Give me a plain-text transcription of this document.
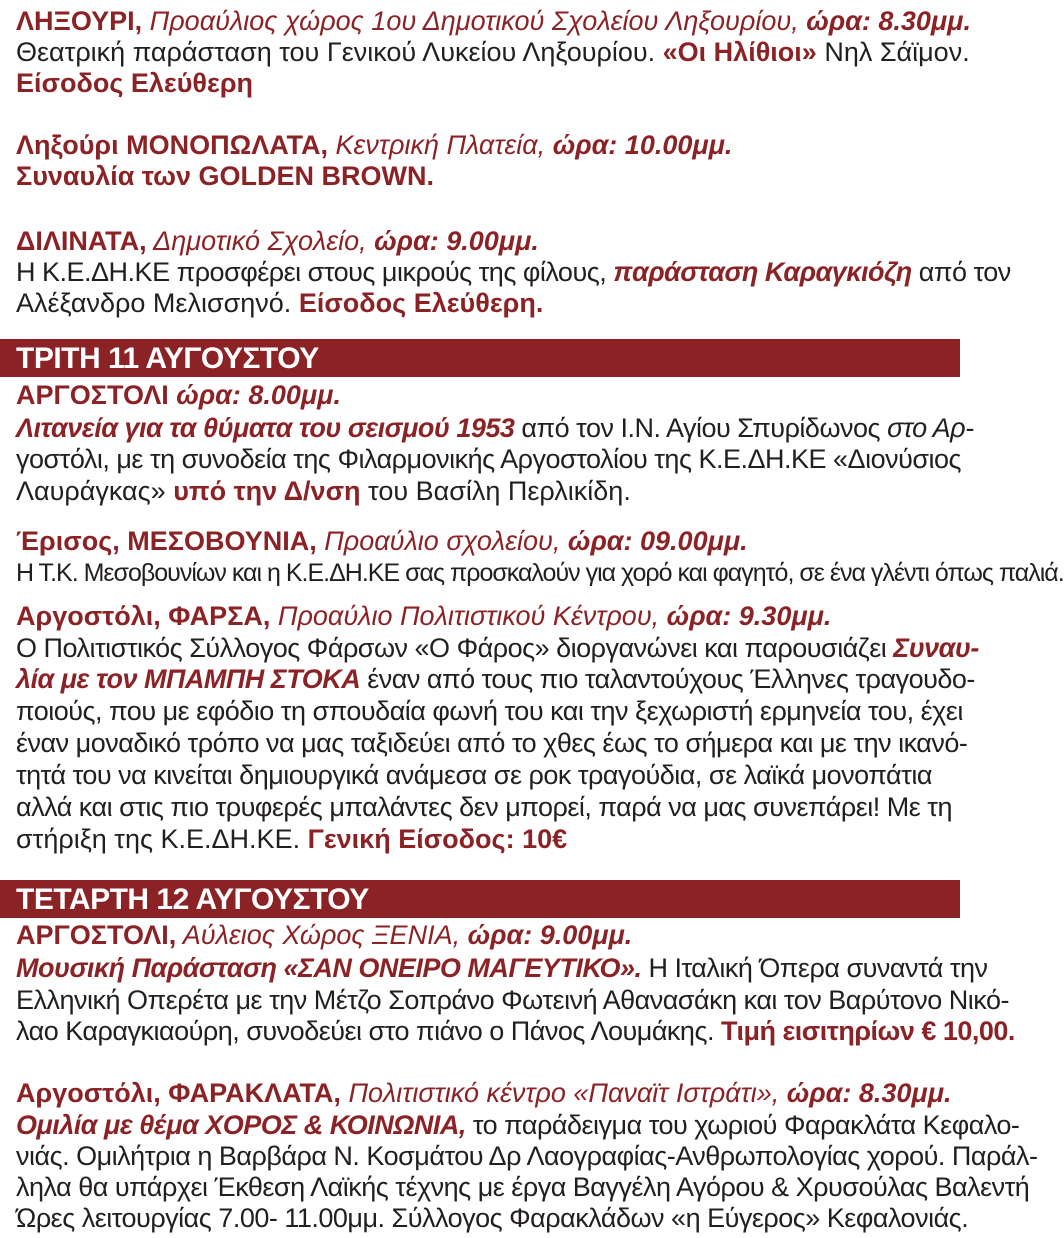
ΛΗΞΟΥΡΙ, Προαύλιος χώρος 1ου Δημοτικού Σχολείου Ληξουρίου, ώρα: 8.30μμ.
Θεατρική παράσταση του Γενικού Λυκείου Ληξουρίου. «Οι Ηλίθιοι» Νηλ Σάϊμον.
Είσοδος Ελεύθερη
Ληξούρι ΜΟΝΟΠΩΛΑΤΑ, Κεντρική Πλατεία, ώρα: 10.00μμ.
Συναυλία των GOLDEN BROWN.
ΔΙΛΙΝΑΤΑ, Δημοτικό Σχολείο, ώρα: 9.00μμ.
Η Κ.Ε.ΔΗ.ΚΕ προσφέρει στους μικρούς της φίλους, παράσταση Καραγκιόζη από τον
Αλέξανδρο Μελισσηνό. Είσοδος Ελεύθερη.
ΤΡΙΤΗ 11 ΑΥΓΟΥΣΤΟΥ
ΑΡΓΟΣΤΟΛΙ ώρα: 8.00μμ.
Λιτανεία για τα θύματα του σεισμού 1953 από τον Ι.Ν. Αγίου Σπυρίδωνος στο Αρ-
γοστόλι, με τη συνοδεία της Φιλαρμονικής Αργοστολίου της Κ.Ε.ΔΗ.ΚΕ «Διονύσιος
Λαυράγκας» υπό την Δ/νση του Βασίλη Περλικίδη.
Έρισος, ΜΕΣΟΒΟΥΝΙΑ, Προαύλιο σχολείου, ώρα: 09.00μμ.
Η Τ.Κ. Μεσοβουνίων και η Κ.Ε.ΔΗ.ΚΕ σας προσκαλούν για χορό και φαγητό, σε ένα γλέντι όπως παλιά.
Αργοστόλι, ΦΑΡΣΑ, Προαύλιο Πολιτιστικού Κέντρου, ώρα: 9.30μμ.
Ο Πολιτιστικός Σύλλογος Φάρσων «Ο Φάρος» διοργανώνει και παρουσιάζει Συναυ-
λία με τον ΜΠΑΜΠΗ ΣΤΟΚΑ έναν από τους πιο ταλαντούχους Έλληνες τραγουδο-
ποιούς, που με εφόδιο τη σπουδαία φωνή του και την ξεχωριστή ερμηνεία του, έχει
έναν μοναδικό τρόπο να μας ταξιδεύει από το χθες έως το σήμερα και με την ικανό-
τητά του να κινείται δημιουργικά ανάμεσα σε ροκ τραγούδια, σε λαϊκά μονοπάτια
αλλά και στις πιο τρυφερές μπαλάντες δεν μπορεί, παρά να μας συνεπάρει! Με τη
στήριξη της Κ.Ε.ΔΗ.ΚΕ. Γενική Είσοδος: 10€
ΤΕΤΑΡΤΗ 12 ΑΥΓΟΥΣΤΟΥ
ΑΡΓΟΣΤΟΛΙ, Αύλειος Χώρος ΞΕΝΙΑ, ώρα: 9.00μμ.
Μουσική Παράσταση «ΣΑΝ ΟΝΕΙΡΟ ΜΑΓΕΥΤΙΚΟ». Η Ιταλική Όπερα συναντά την
Ελληνική Οπερέτα με την Μέτζο Σοπράνο Φωτεινή Αθανασάκη και τον Βαρύτονο Νικό-
λαο Καραγκιαούρη, συνοδεύει στο πιάνο ο Πάνος Λουμάκης. Τιμή εισιτηρίων € 10,00.
Αργοστόλι, ΦΑΡΑΚΛΑΤΑ, Πολιτιστικό κέντρο «Παναϊτ Ιστράτι», ώρα: 8.30μμ.
Ομιλία με θέμα ΧΟΡΟΣ & ΚΟΙΝΩΝΙΑ, το παράδειγμα του χωριού Φαρακλάτα Κεφαλο-
νιάς. Ομιλήτρια η Βαρβάρα Ν. Κοσμάτου Δρ Λαογραφίας-Ανθρωπολογίας χορού. Παράλ-
ληλα θα υπάρχει Έκθεση Λαϊκής τέχνης με έργα Βαγγέλη Αγόρου & Χρυσούλας Βαλεντή
Ώρες λειτουργίας 7.00- 11.00μμ. Σύλλογος Φαρακλάδων «η Εύγερος» Κεφαλονιάς.
